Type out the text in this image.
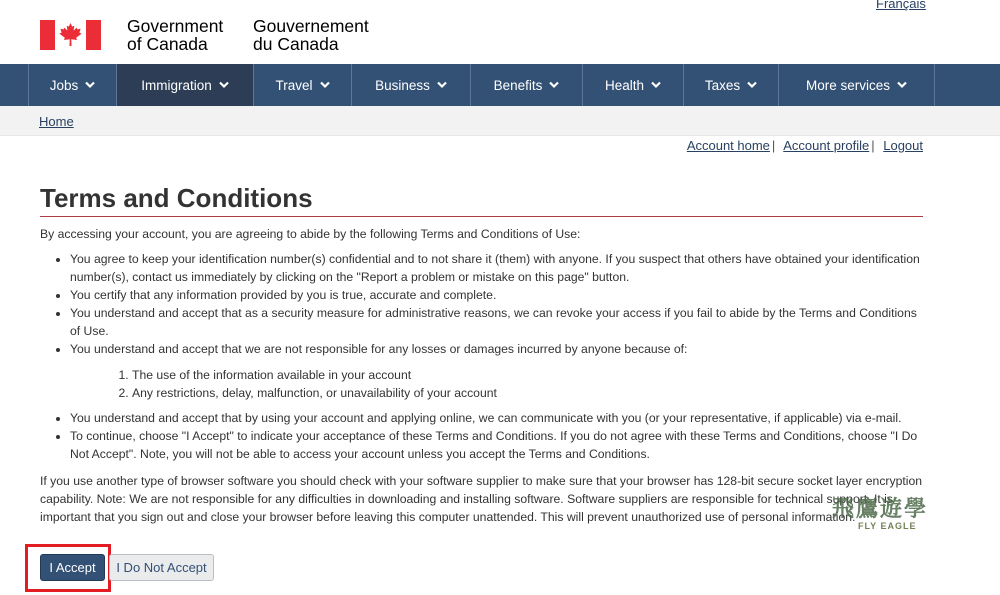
Français
Government
of Canada
Gouvernement
du Canada
Jobs	Immigration	Travel	Business	Benefits	Health	Taxes	More services
Home
Account home | Account profile | Logout
Terms and Conditions

By accessing your account, you are agreeing to abide by the following Terms and Conditions of Use:

• You agree to keep your identification number(s) confidential and to not share it (them) with anyone. If you suspect that others have obtained your identification number(s), contact us immediately by clicking on the "Report a problem or mistake on this page" button.
• You certify that any information provided by you is true, accurate and complete.
• You understand and accept that as a security measure for administrative reasons, we can revoke your access if you fail to abide by the Terms and Conditions of Use.
• You understand and accept that we are not responsible for any losses or damages incurred by anyone because of:
1. The use of the information available in your account
2. Any restrictions, delay, malfunction, or unavailability of your account
• You understand and accept that by using your account and applying online, we can communicate with you (or your representative, if applicable) via e-mail.
• To continue, choose "I Accept" to indicate your acceptance of these Terms and Conditions. If you do not agree with these Terms and Conditions, choose "I Do Not Accept". Note, you will not be able to access your account unless you accept the Terms and Conditions.

If you use another type of browser software you should check with your software supplier to make sure that your browser has 128-bit secure socket layer encryption capability. Note: We are not responsible for any difficulties in downloading and installing software. Software suppliers are responsible for technical support. It is important that you sign out and close your browser before leaving this computer unattended. This will prevent unauthorized use of personal information.

飛鷹遊學
FLY EAGLE
I Accept	I Do Not Accept
